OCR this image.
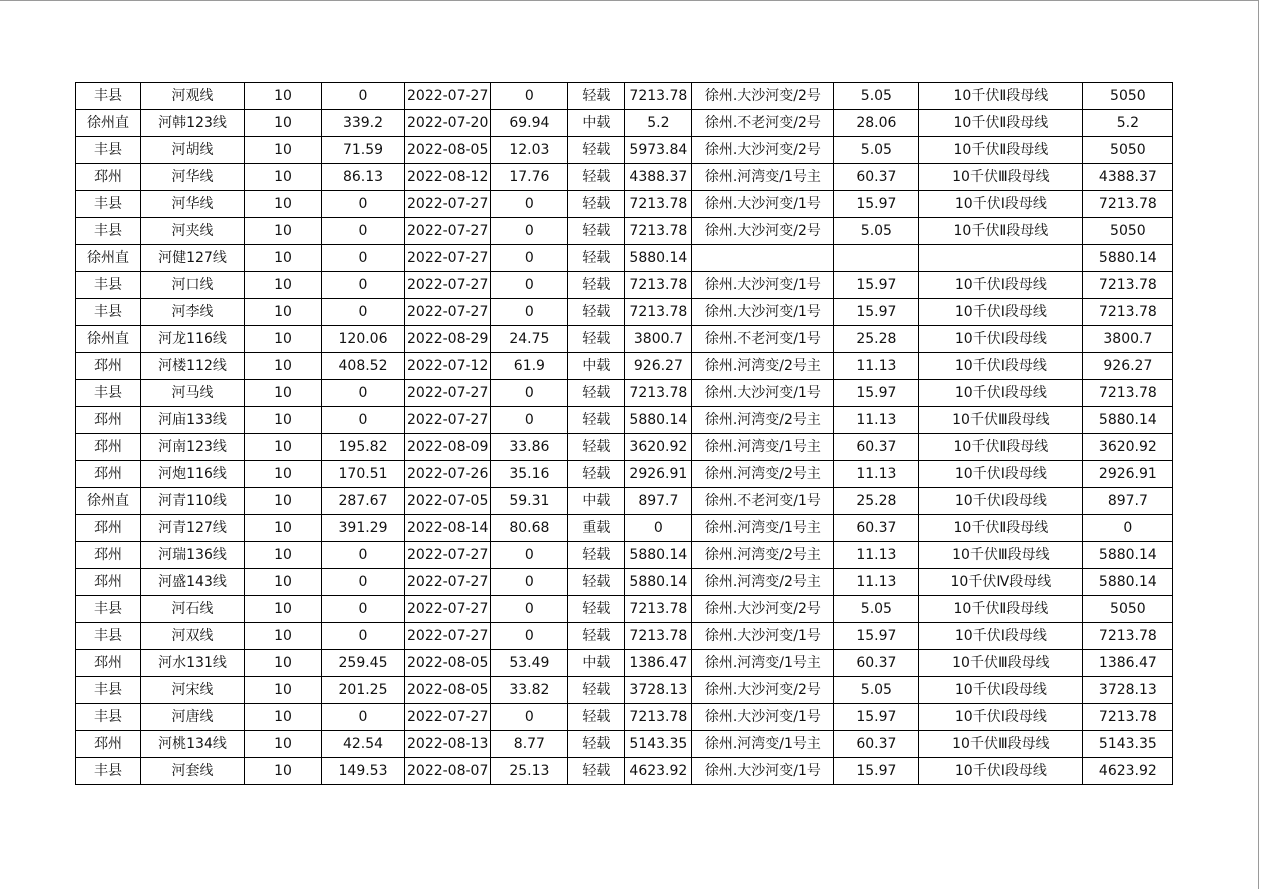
丰县	河观线	10	0	2022-07-27	0	轻载	7213.78	徐州.大沙河变/2号	5.05	10千伏Ⅱ段母线	5050
徐州直	河韩123线	10	339.2	2022-07-20	69.94	中载	5.2	徐州.不老河变/2号	28.06	10千伏Ⅱ段母线	5.2
丰县	河胡线	10	71.59	2022-08-05	12.03	轻载	5973.84	徐州.大沙河变/2号	5.05	10千伏Ⅱ段母线	5050
邳州	河华线	10	86.13	2022-08-12	17.76	轻载	4388.37	徐州.河湾变/1号主	60.37	10千伏Ⅲ段母线	4388.37
丰县	河华线	10	0	2022-07-27	0	轻载	7213.78	徐州.大沙河变/1号	15.97	10千伏Ⅰ段母线	7213.78
丰县	河夹线	10	0	2022-07-27	0	轻载	7213.78	徐州.大沙河变/2号	5.05	10千伏Ⅱ段母线	5050
徐州直	河健127线	10	0	2022-07-27	0	轻载	5880.14				5880.14
丰县	河口线	10	0	2022-07-27	0	轻载	7213.78	徐州.大沙河变/1号	15.97	10千伏Ⅰ段母线	7213.78
丰县	河李线	10	0	2022-07-27	0	轻载	7213.78	徐州.大沙河变/1号	15.97	10千伏Ⅰ段母线	7213.78
徐州直	河龙116线	10	120.06	2022-08-29	24.75	轻载	3800.7	徐州.不老河变/1号	25.28	10千伏Ⅰ段母线	3800.7
邳州	河楼112线	10	408.52	2022-07-12	61.9	中载	926.27	徐州.河湾变/2号主	11.13	10千伏Ⅰ段母线	926.27
丰县	河马线	10	0	2022-07-27	0	轻载	7213.78	徐州.大沙河变/1号	15.97	10千伏Ⅰ段母线	7213.78
邳州	河庙133线	10	0	2022-07-27	0	轻载	5880.14	徐州.河湾变/2号主	11.13	10千伏Ⅲ段母线	5880.14
邳州	河南123线	10	195.82	2022-08-09	33.86	轻载	3620.92	徐州.河湾变/1号主	60.37	10千伏Ⅱ段母线	3620.92
邳州	河炮116线	10	170.51	2022-07-26	35.16	轻载	2926.91	徐州.河湾变/2号主	11.13	10千伏Ⅰ段母线	2926.91
徐州直	河青110线	10	287.67	2022-07-05	59.31	中载	897.7	徐州.不老河变/1号	25.28	10千伏Ⅰ段母线	897.7
邳州	河青127线	10	391.29	2022-08-14	80.68	重载	0	徐州.河湾变/1号主	60.37	10千伏Ⅱ段母线	0
邳州	河瑞136线	10	0	2022-07-27	0	轻载	5880.14	徐州.河湾变/2号主	11.13	10千伏Ⅲ段母线	5880.14
邳州	河盛143线	10	0	2022-07-27	0	轻载	5880.14	徐州.河湾变/2号主	11.13	10千伏Ⅳ段母线	5880.14
丰县	河石线	10	0	2022-07-27	0	轻载	7213.78	徐州.大沙河变/2号	5.05	10千伏Ⅱ段母线	5050
丰县	河双线	10	0	2022-07-27	0	轻载	7213.78	徐州.大沙河变/1号	15.97	10千伏Ⅰ段母线	7213.78
邳州	河水131线	10	259.45	2022-08-05	53.49	中载	1386.47	徐州.河湾变/1号主	60.37	10千伏Ⅲ段母线	1386.47
丰县	河宋线	10	201.25	2022-08-05	33.82	轻载	3728.13	徐州.大沙河变/2号	5.05	10千伏Ⅰ段母线	3728.13
丰县	河唐线	10	0	2022-07-27	0	轻载	7213.78	徐州.大沙河变/1号	15.97	10千伏Ⅰ段母线	7213.78
邳州	河桃134线	10	42.54	2022-08-13	8.77	轻载	5143.35	徐州.河湾变/1号主	60.37	10千伏Ⅲ段母线	5143.35
丰县	河套线	10	149.53	2022-08-07	25.13	轻载	4623.92	徐州.大沙河变/1号	15.97	10千伏Ⅰ段母线	4623.92
